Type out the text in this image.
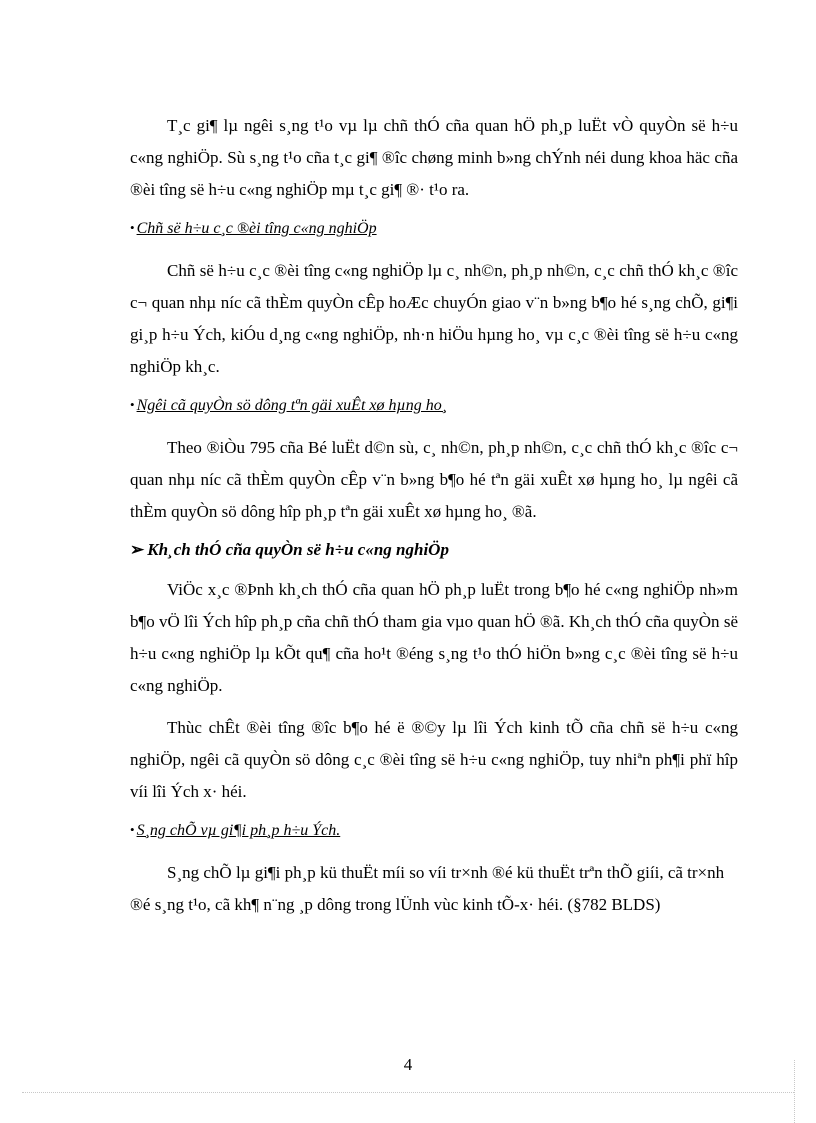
T¸c gi¶ lµ ngêi s¸ng t¹o vµ lµ chñ thÓ cña quan hÖ ph¸p luËt vÒ quyÒn së h÷u c«ng nghiÖp. Sù s¸ng t¹o cña t¸c gi¶ ®îc chøng minh b»ng chÝnh néi dung khoa häc cña ®èi tîng së h÷u c«ng nghiÖp mµ t¸c gi¶ ®· t¹o ra.

• Chñ së h÷u c¸c ®èi tîng c«ng nghiÖp

Chñ së h÷u c¸c ®èi tîng c«ng nghiÖp lµ c¸ nh©n, ph¸p nh©n, c¸c chñ thÓ kh¸c ®îc c¬ quan nhµ níc cã thÈm quyÒn cÊp hoÆc chuyÓn giao v¨n b»ng b¶o hé s¸ng chÕ, gi¶i gi¸p h÷u Ých, kiÓu d¸ng c«ng nghiÖp, nh·n hiÖu hµng ho¸ vµ c¸c ®èi tîng së h÷u c«ng nghiÖp kh¸c.

• Ngêi cã quyÒn sö dông tªn gäi xuÊt xø hµng ho¸

Theo ®iÒu 795 cña Bé luËt d©n sù, c¸ nh©n, ph¸p nh©n, c¸c chñ thÓ kh¸c ®îc c¬ quan nhµ níc cã thÈm quyÒn cÊp v¨n b»ng b¶o hé tªn gäi xuÊt xø hµng ho¸ lµ ngêi cã thÈm quyÒn sö dông hîp ph¸p tªn gäi xuÊt xø hµng ho¸ ®ã.

➢ Kh¸ch thÓ cña quyÒn së h÷u c«ng nghiÖp

ViÖc x¸c ®Þnh kh¸ch thÓ cña quan hÖ ph¸p luËt trong b¶o hé c«ng nghiÖp nh»m b¶o vÖ lîi Ých hîp ph¸p cña chñ thÓ tham gia vµo quan hÖ ®ã. Kh¸ch thÓ cña quyÒn së h÷u c«ng nghiÖp lµ kÕt qu¶ cña ho¹t ®éng s¸ng t¹o thÓ hiÖn b»ng c¸c ®èi tîng së h÷u c«ng nghiÖp.

Thùc chÊt ®èi tîng ®îc b¶o hé ë ®©y lµ lîi Ých kinh tÕ cña chñ së h÷u c«ng nghiÖp, ngêi cã quyÒn sö dông c¸c ®èi tîng së h÷u c«ng nghiÖp, tuy nhiªn ph¶i phï hîp víi lîi Ých x· héi.

• S¸ng chÕ vµ gi¶i ph¸p h÷u Ých.

S¸ng chÕ lµ gi¶i ph¸p kü thuËt míi so víi tr×nh ®é kü thuËt trªn thÕ giíi, cã tr×nh ®é s¸ng t¹o, cã kh¶ n¨ng ¸p dông trong lÜnh vùc kinh tÕ-x· héi. (§782 BLDS)

4
